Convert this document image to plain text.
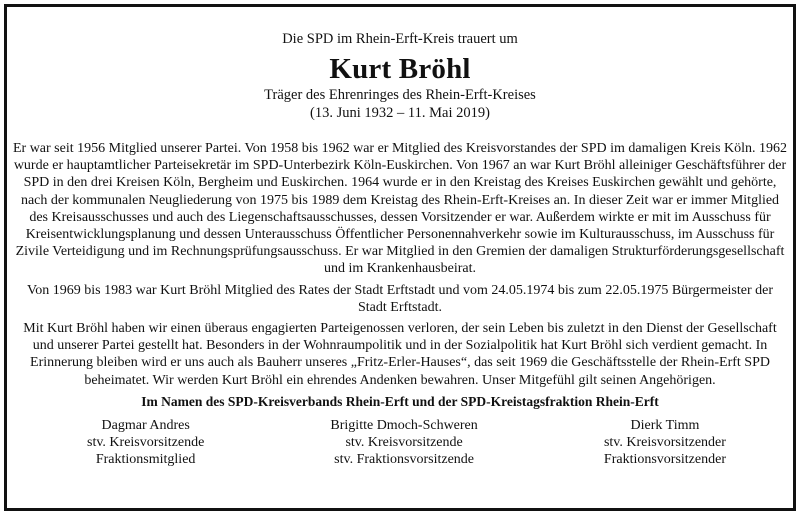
Die SPD im Rhein-Erft-Kreis trauert um

Kurt Bröhl

Träger des Ehrenringes des Rhein-Erft-Kreises

(13. Juni 1932 – 11. Mai 2019)

Er war seit 1956 Mitglied unserer Partei. Von 1958 bis 1962 war er Mitglied des Kreisvorstandes der SPD im damaligen Kreis Köln. 1962 wurde er hauptamtlicher Parteisekretär im SPD-Unterbezirk Köln-Euskirchen. Von 1967 an war Kurt Bröhl alleiniger Geschäftsführer der SPD in den drei Kreisen Köln, Bergheim und Euskirchen. 1964 wurde er in den Kreistag des Kreises Euskirchen gewählt und gehörte, nach der kommunalen Neugliederung von 1975 bis 1989 dem Kreistag des Rhein-Erft-Kreises an. In dieser Zeit war er immer Mitglied des Kreisausschusses und auch des Liegenschaftsausschusses, dessen Vorsitzender er war. Außerdem wirkte er mit im Ausschuss für Kreisentwicklungsplanung und dessen Unterausschuss Öffentlicher Personennahverkehr sowie im Kulturausschuss, im Ausschuss für Zivile Verteidigung und im Rechnungsprüfungsausschuss. Er war Mitglied in den Gremien der damaligen Strukturförderungsgesellschaft und im Krankenhausbeirat.

Von 1969 bis 1983 war Kurt Bröhl Mitglied des Rates der Stadt Erftstadt und vom 24.05.1974 bis zum 22.05.1975 Bürgermeister der Stadt Erftstadt.

Mit Kurt Bröhl haben wir einen überaus engagierten Parteigenossen verloren, der sein Leben bis zuletzt in den Dienst der Gesellschaft und unserer Partei gestellt hat. Besonders in der Wohnraumpolitik und in der Sozialpolitik hat Kurt Bröhl sich verdient gemacht. In Erinnerung bleiben wird er uns auch als Bauherr unseres „Fritz-Erler-Hauses“, das seit 1969 die Geschäftsstelle der Rhein-Erft SPD beheimatet. Wir werden Kurt Bröhl ein ehrendes Andenken bewahren. Unser Mitgefühl gilt seinen Angehörigen.

Im Namen des SPD-Kreisverbands Rhein-Erft und der SPD-Kreistagsfraktion Rhein-Erft

Dagmar Andres
stv. Kreisvorsitzende
Fraktionsmitglied
Brigitte Dmoch-Schweren
stv. Kreisvorsitzende
stv. Fraktionsvorsitzende
Dierk Timm
stv. Kreisvorsitzender
Fraktionsvorsitzender
